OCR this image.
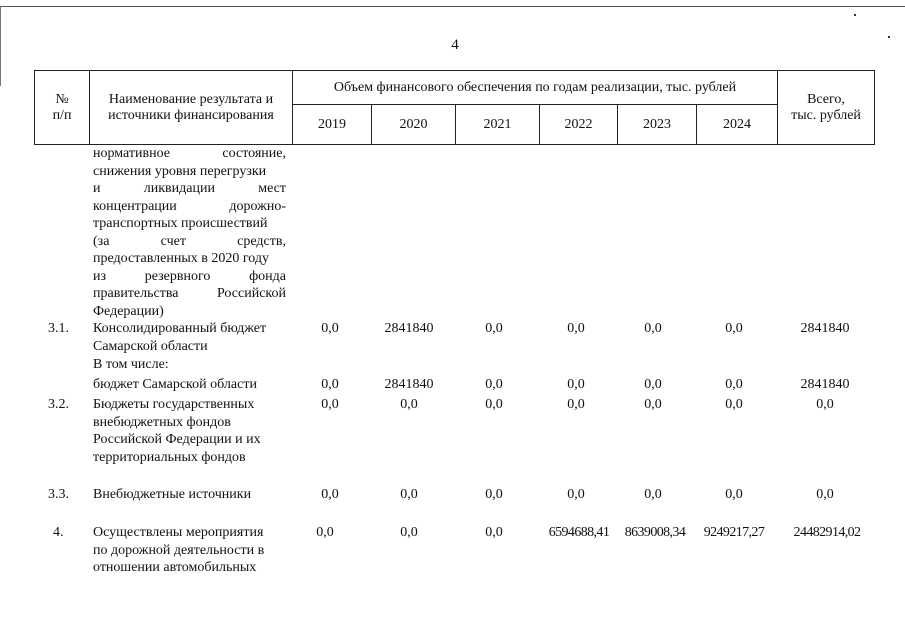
4
№
п/п	Наименование результата и
источники финансирования	Объем финансового обеспечения по годам реализации, тыс. рублей						Всего,
тыс. рублей
		2019	2020	2021	2022	2023	2024	
нормативное состояние,
снижения уровня перегрузки
и ликвидации мест
концентрации дорожно-
транспортных происшествий
(за счет средств,
предоставленных в 2020 году
из резервного фонда
правительства Российской
Федерации)
3.1. Консолидированный бюджет
Самарской области
0,0	2841840	0,0	0,0	0,0	0,0	2841840
В том числе:
бюджет Самарской области	0,0	2841840	0,0	0,0	0,0	0,0	2841840
3.2. Бюджеты государственных
внебюджетных фондов
Российской Федерации и их
территориальных фондов
0,0	0,0	0,0	0,0	0,0	0,0	0,0
3.3. Внебюджетные источники	0,0	0,0	0,0	0,0	0,0	0,0	0,0
4. Осуществлены мероприятия
по дорожной деятельности в
отношении автомобильных
0,0	0,0	0,0	6594688,41	8639008,34	9249217,27	24482914,02
